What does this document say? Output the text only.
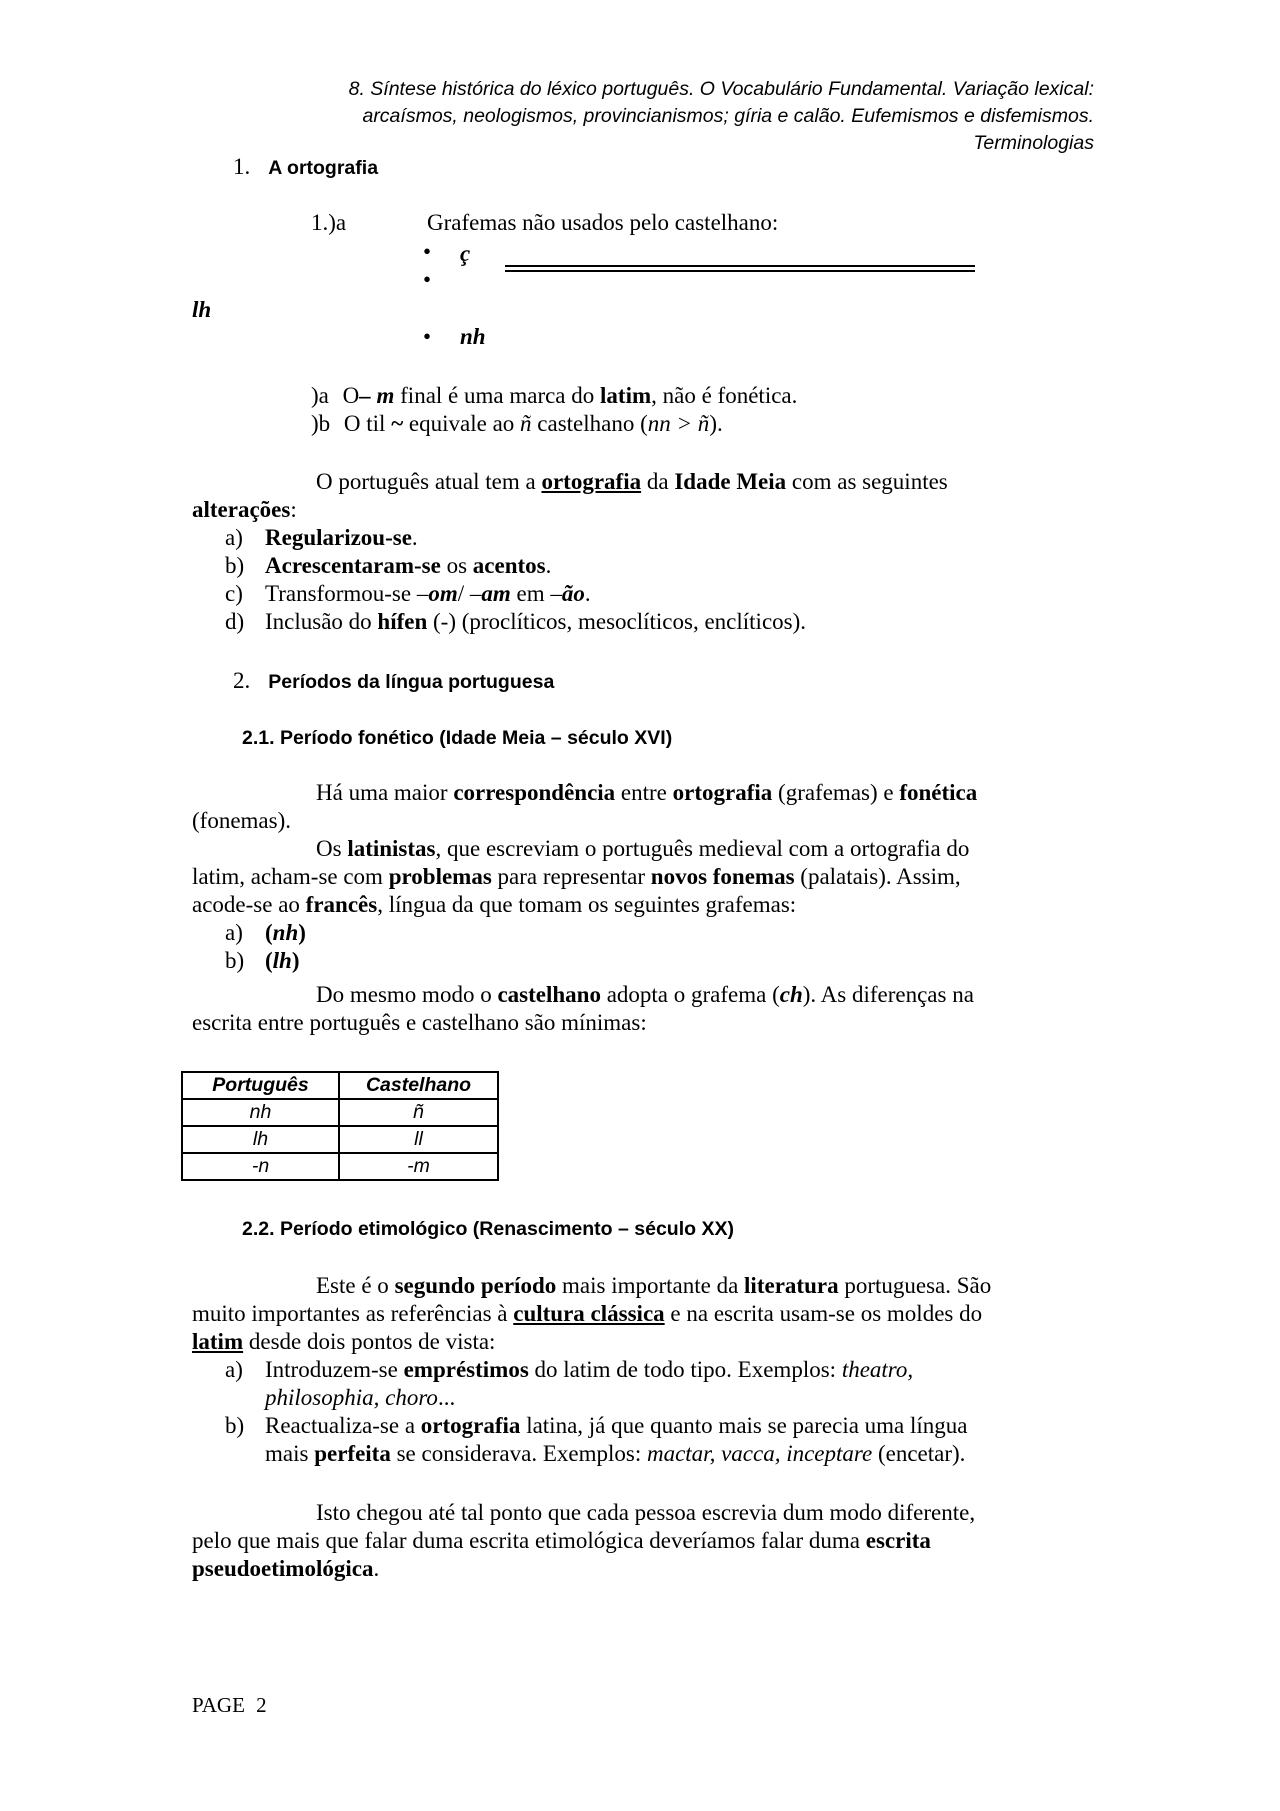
8. Síntese histórica do léxico português. O Vocabulário Fundamental. Variação lexical:
arcaísmos, neologismos, provincianismos; gíria e calão. Eufemismos e disfemismos.
Terminologias
1. A ortografia
1.)a	Grafemas não usados pelo castelhano:
• ç
•
lh
• nh
)a O– m final é uma marca do latim, não é fonética.
)b O til ~ equivale ao ñ castelhano (nn > ñ).
O português atual tem a ortografia da Idade Meia com as seguintes
alterações:
a) Regularizou-se.
b) Acrescentaram-se os acentos.
c) Transformou-se –om/ –am em –ão.
d) Inclusão do hífen (-) (proclíticos, mesoclíticos, enclíticos).
2. Períodos da língua portuguesa
2.1. Período fonético (Idade Meia – século XVI)
Há uma maior correspondência entre ortografia (grafemas) e fonética
(fonemas).
Os latinistas, que escreviam o português medieval com a ortografia do
latim, acham-se com problemas para representar novos fonemas (palatais). Assim,
acode-se ao francês, língua da que tomam os seguintes grafemas:
a) (nh)
b) (lh)
Do mesmo modo o castelhano adopta o grafema (ch). As diferenças na
escrita entre português e castelhano são mínimas:
Português	Castelhano
nh	ñ
lh	ll
-n	-m
2.2. Período etimológico (Renascimento – século XX)
Este é o segundo período mais importante da literatura portuguesa. São
muito importantes as referências à cultura clássica e na escrita usam-se os moldes do
latim desde dois pontos de vista:
a) Introduzem-se empréstimos do latim de todo tipo. Exemplos: theatro,
philosophia, choro...
b) Reactualiza-se a ortografia latina, já que quanto mais se parecia uma língua
mais perfeita se considerava. Exemplos: mactar, vacca, inceptare (encetar).
Isto chegou até tal ponto que cada pessoa escrevia dum modo diferente,
pelo que mais que falar duma escrita etimológica deveríamos falar duma escrita
pseudoetimológica.
PAGE 2
